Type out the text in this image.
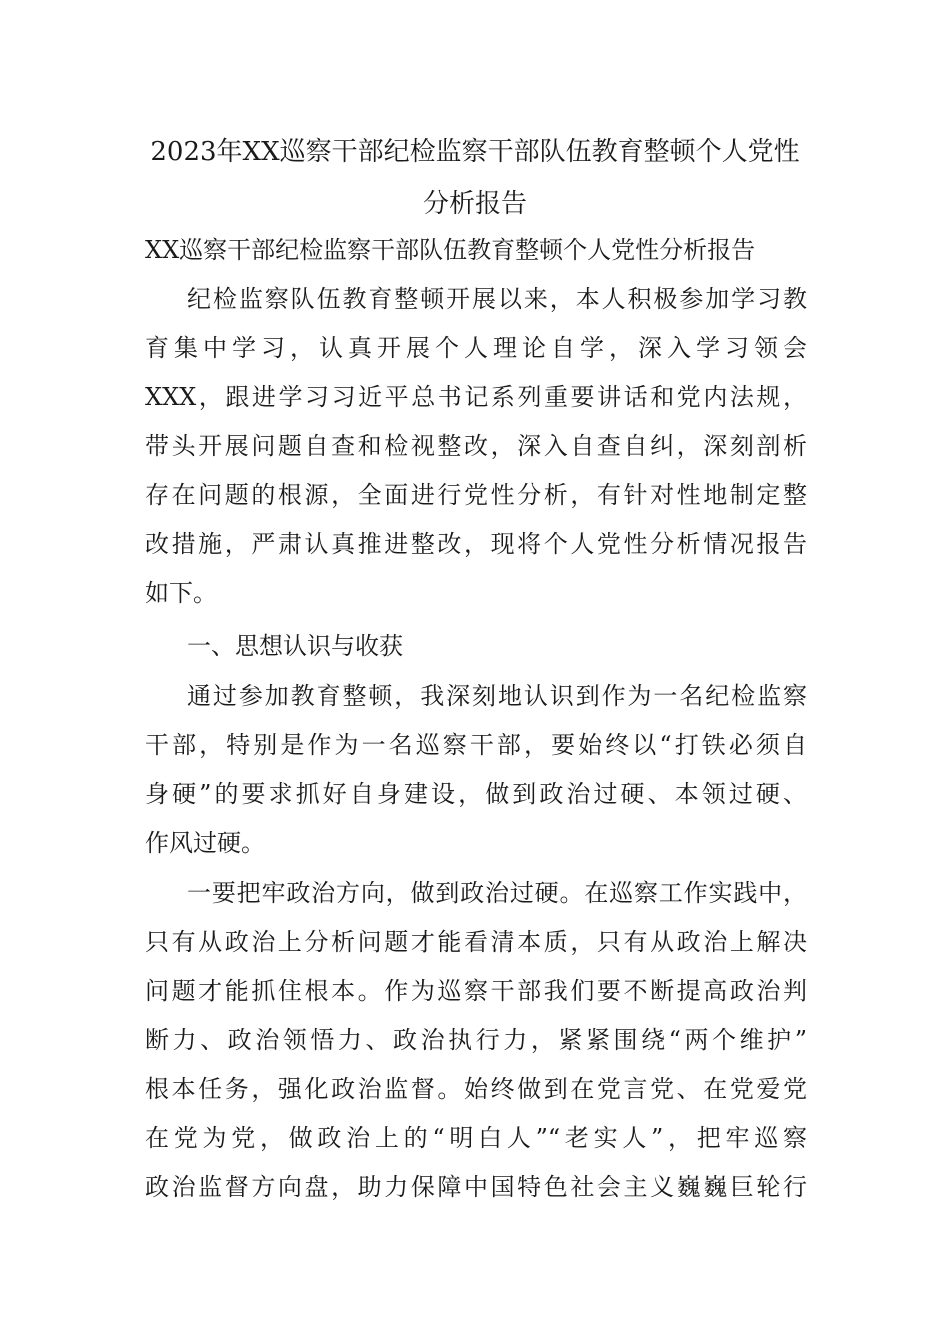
2023年XX巡察干部纪检监察干部队伍教育整顿个人党性
分析报告
XX巡察干部纪检监察干部队伍教育整顿个人党性分析报告
纪检监察队伍教育整顿开展以来，本人积极参加学习教
育集中学习，认真开展个人理论自学，深入学习领会
XXX，跟进学习习近平总书记系列重要讲话和党内法规，
带头开展问题自查和检视整改，深入自查自纠，深刻剖析
存在问题的根源，全面进行党性分析，有针对性地制定整
改措施，严肃认真推进整改，现将个人党性分析情况报告
如下。
一、思想认识与收获
通过参加教育整顿，我深刻地认识到作为一名纪检监察
干部，特别是作为一名巡察干部，要始终以“打铁必须自
身硬”的要求抓好自身建设，做到政治过硬、本领过硬、
作风过硬。
一要把牢政治方向，做到政治过硬。在巡察工作实践中，
只有从政治上分析问题才能看清本质，只有从政治上解决
问题才能抓住根本。作为巡察干部我们要不断提高政治判
断力、政治领悟力、政治执行力，紧紧围绕“两个维护”
根本任务，强化政治监督。始终做到在党言党、在党爱党
在党为党，做政治上的“明白人”“老实人”，把牢巡察
政治监督方向盘，助力保障中国特色社会主义巍巍巨轮行
